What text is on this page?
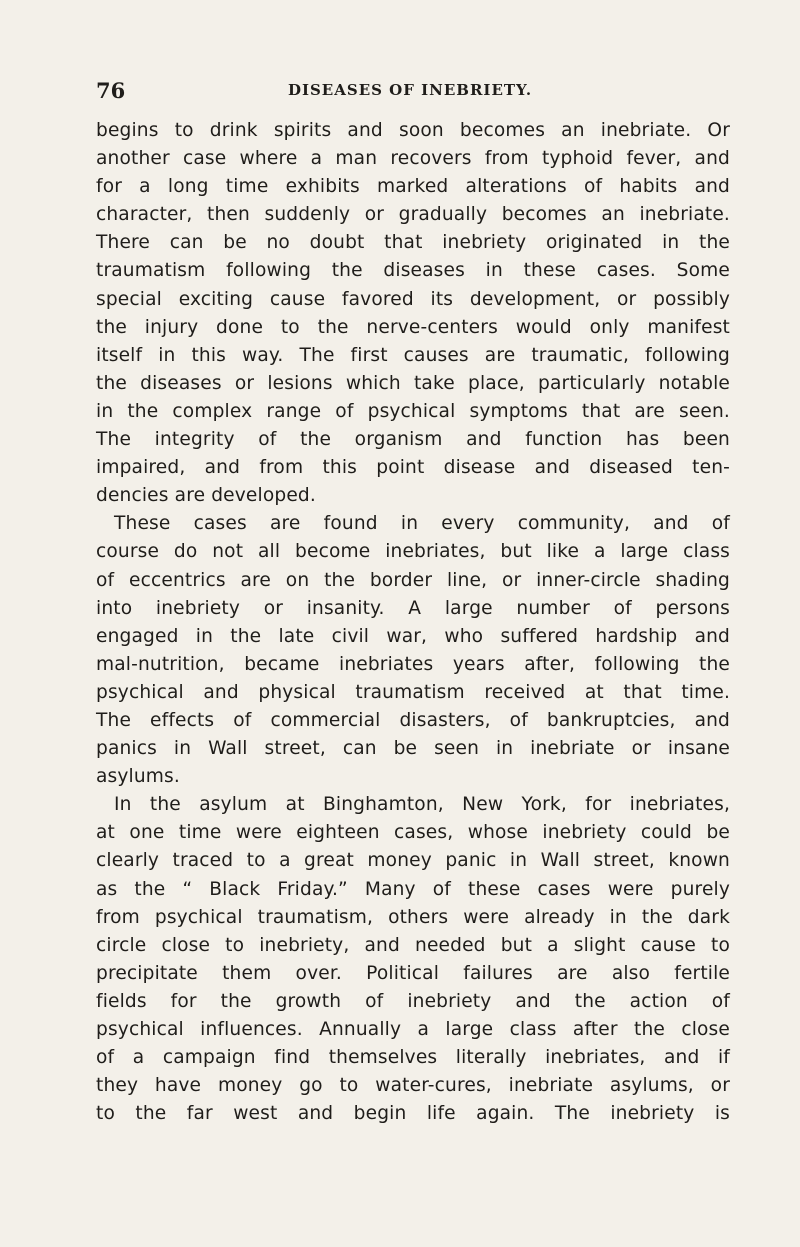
76	DISEASES OF INEBRIETY.
begins to drink spirits and soon becomes an inebriate. Or
another case where a man recovers from typhoid fever, and
for a long time exhibits marked alterations of habits and
character, then suddenly or gradually becomes an inebriate.
There can be no doubt that inebriety originated in the
traumatism following the diseases in these cases. Some
special exciting cause favored its development, or possibly
the injury done to the nerve-centers would only manifest
itself in this way. The first causes are traumatic, following
the diseases or lesions which take place, particularly notable
in the complex range of psychical symptoms that are seen.
The integrity of the organism and function has been
impaired, and from this point disease and diseased ten-
dencies are developed.
These cases are found in every community, and of
course do not all become inebriates, but like a large class
of eccentrics are on the border line, or inner-circle shading
into inebriety or insanity. A large number of persons
engaged in the late civil war, who suffered hardship and
mal-nutrition, became inebriates years after, following the
psychical and physical traumatism received at that time.
The effects of commercial disasters, of bankruptcies, and
panics in Wall street, can be seen in inebriate or insane
asylums.
In the asylum at Binghamton, New York, for inebriates,
at one time were eighteen cases, whose inebriety could be
clearly traced to a great money panic in Wall street, known
as the “ Black Friday.” Many of these cases were purely
from psychical traumatism, others were already in the dark
circle close to inebriety, and needed but a slight cause to
precipitate them over. Political failures are also fertile
fields for the growth of inebriety and the action of
psychical influences. Annually a large class after the close
of a campaign find themselves literally inebriates, and if
they have money go to water-cures, inebriate asylums, or
to the far west and begin life again. The inebriety is
